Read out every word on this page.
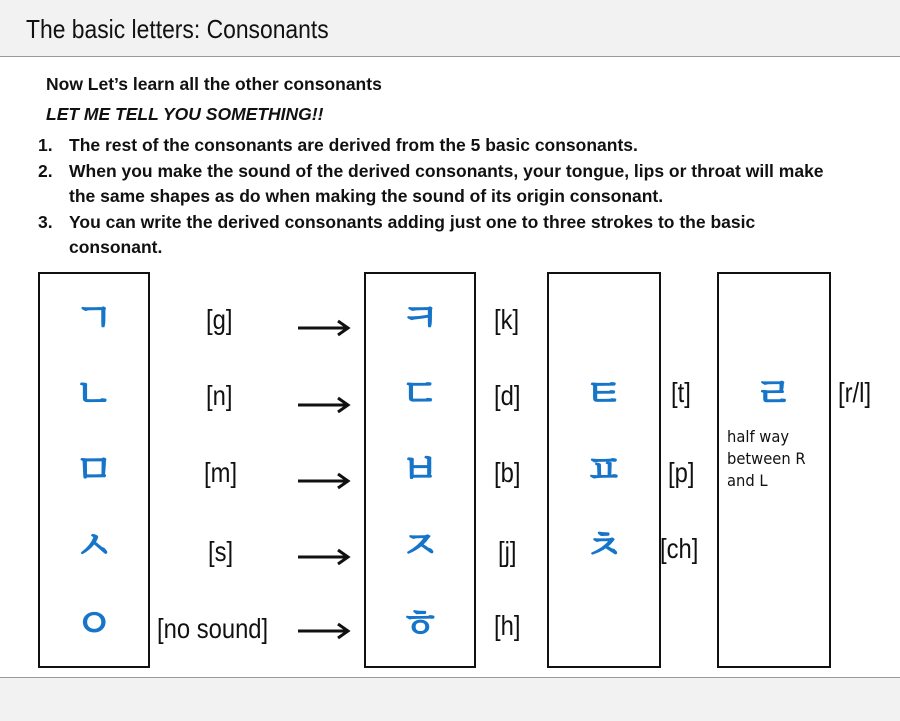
The basic letters: Consonants
Now Let’s learn all the other consonants
LET ME TELL YOU SOMETHING!!
1. The rest of the consonants are derived from the 5 basic consonants.
2. When you make the sound of the derived consonants, your tongue, lips or throat will make the same shapes as do when making the sound of its origin consonant.
3. You can write the derived consonants adding just one to three strokes to the basic consonant.
ㄱ
ㄴ
ㅁ
ㅅ
ㅇ
[g]
[n]
[m]
[s]
[no sound]
ㅋ
ㄷ
ㅂ
ㅈ
ㅎ
[k]
[d]
[b]
[j]
[h]
ㅌ
ㅍ
ㅊ
[t]
[p]
[ch]
ㄹ	[r/l]
half way between R and L
